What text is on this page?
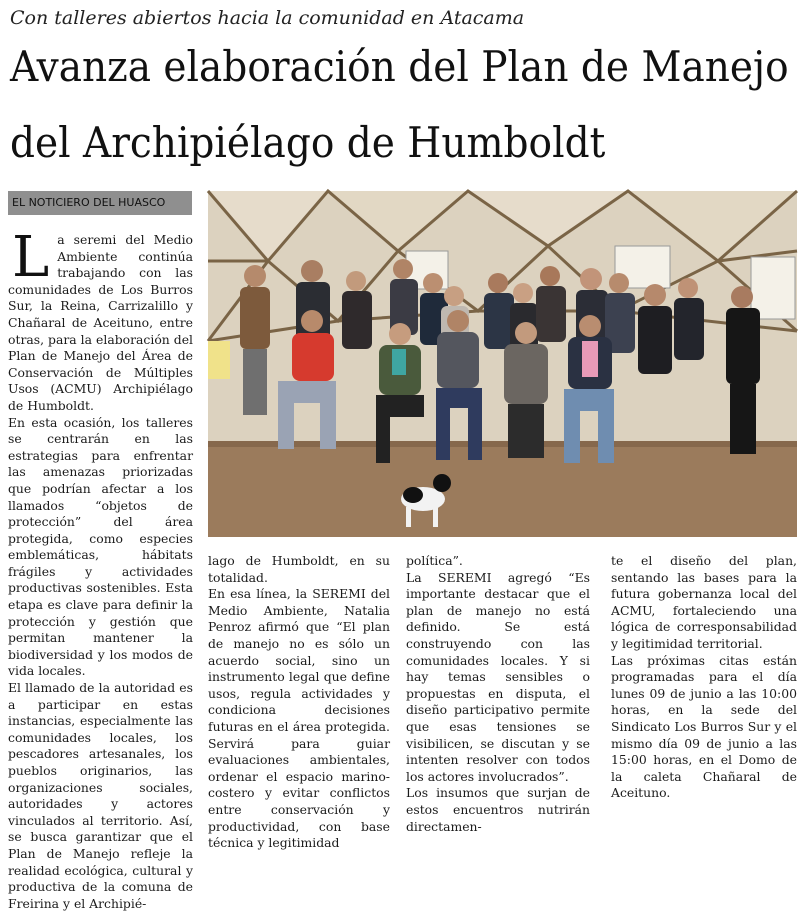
Con talleres abiertos hacia la comunidad en Atacama
Avanza elaboración del Plan de Manejo
del Archipiélago de Humboldt
EL NOTICIERO DEL HUASCO

La seremi del Medio Ambiente continúa trabajando con las comunidades de Los Burros Sur, la Reina, Carrizalillo y Chañaral de Aceituno, entre otras, para la elaboración del Plan de Manejo del Área de Conservación de Múltiples Usos (ACMU) Archipiélago de Humboldt.

En esta ocasión, los talleres se centrarán en las estrategias para enfrentar las amenazas priorizadas que podrían afectar a los llamados “objetos de protección” del área protegida, como especies emblemáticas, hábitats frágiles y actividades productivas sostenibles. Esta etapa es clave para definir la protección y gestión que permitan mantener la biodiversidad y los modos de vida locales.

El llamado de la autoridad es a participar en estas instancias, especialmente las comunidades locales, los pescadores artesanales, los pueblos originarios, las organizaciones sociales, autoridades y actores vinculados al territorio. Así, se busca garantizar que el Plan de Manejo refleje la realidad ecológica, cultural y productiva de la comuna de Freirina y el Archipié-

lago de Humboldt, en su totalidad.

En esa línea, la SEREMI del Medio Ambiente, Natalia Penroz afirmó que “El plan de manejo no es sólo un acuerdo social, sino un instrumento legal que define usos, regula actividades y condiciona decisiones futuras en el área protegida. Servirá para guiar evaluaciones ambientales, ordenar el espacio marino-costero y evitar conflictos entre conservación y productividad, con base técnica y legitimidad

política”.

La SEREMI agregó “Es importante destacar que el plan de manejo no está definido. Se está construyendo con las comunidades locales. Y si hay temas sensibles o propuestas en disputa, el diseño participativo permite que esas tensiones se visibilicen, se discutan y se intenten resolver con todos los actores involucrados”.

Los insumos que surjan de estos encuentros nutrirán directamen-

te el diseño del plan, sentando las bases para la futura gobernanza local del ACMU, fortaleciendo una lógica de corresponsabilidad y legitimidad territorial.

Las próximas citas están programadas para el día lunes 09 de junio a las 10:00 horas, en la sede del Sindicato Los Burros Sur y el mismo día 09 de junio a las 15:00 horas, en el Domo de la caleta Chañaral de Aceituno.
